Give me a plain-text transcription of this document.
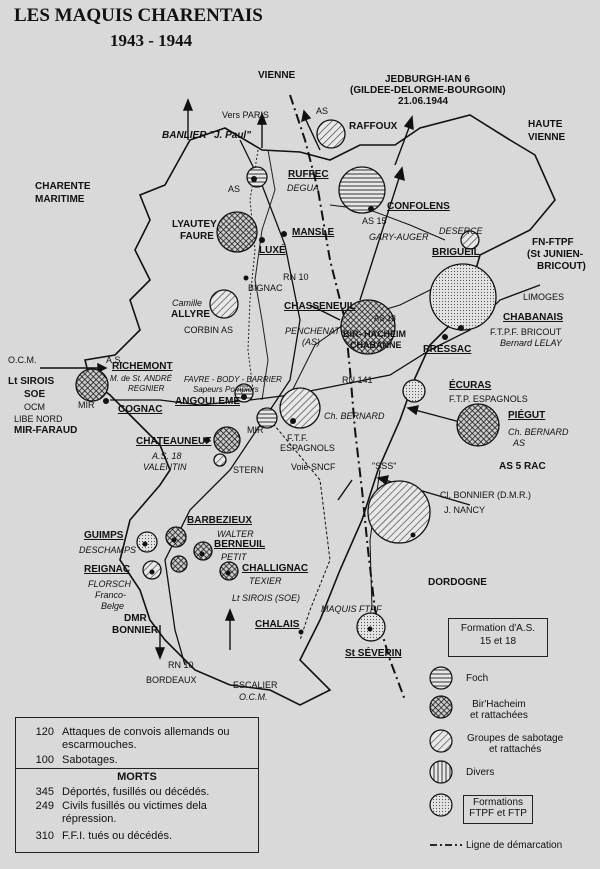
LES MAQUIS CHARENTAIS
1943 - 1944
VIENNE
HAUTE
VIENNE
CHARENTE
MARITIME
DORDOGNE
JEDBURGH-IAN 6
(GILDEE-DELORME-BOURGOIN)
21.06.1944
Vers PARIS
BANLIER "J. Paul"
AS
RAFFOUX
RUFFEC
DEGUA
AS
CONFOLENS
AS 15
GARY-AUGER
LYAUTEY
FAURE	MANSLE
LUXÉ
DESERCE
BRIGUEIL
FN-FTPF
(St JUNIEN-
BRICOUT)
RN 10
BIGNAC
Camille
ALLYRE
CORBIN AS
CHASSENEUIL
PENCHENAT
(AS)
AS 18
BIR- HACHEIM
CHABANNE
LIMOGES
CHABANAIS
F.T.P.F. BRICOUT
Bernard LELAY
PRESSAC
O.C.M.	A.S.
RICHEMONT
M. de St. ANDRÉ
REGNIER
Lt SIROIS
SOE
OCM	MIR
LIBE NORD
MIR-FARAUD
FAVRE - BODY - BARRIER
Sapeurs Pompiers
ANGOULEME
COGNAC
RN 141
Ch. BERNARD
ÉCURAS
F.T.P. ESPAGNOLS
MIR
F.T.F.
ESPAGNOLS
PIÉGUT
Ch. BERNARD
AS
CHATEAUNEUF
A.S. 18
VALENTIN	STERN	Voie SNCF	"SSS"	AS 5 RAC
Cl. BONNIER (D.M.R.)
J. NANCY
BARBEZIEUX
WALTER
BERNEUIL
PETIT
CHALLIGNAC
TEXIER
Lt SIROIS (SOE)
GUIMPS
DESCHAMPS
REIGNAC
FLORSCH
Franco-
Belge
DMR
BONNIER
MAQUIS FTPF
CHALAIS
St SÉVERIN
RN 10
BORDEAUX	ESCALIER
O.C.M.
120 Attaques de convois allemands ou
escarmouches.
100 Sabotages.
MORTS
345 Déportés, fusillés ou décédés.
249 Civils fusillés ou victimes dela
répression.
310 F.F.I. tués ou décédés.
Formation d'A.S.
15 et 18
Foch
Bir'Hacheim
et rattachées
Groupes de sabotage
et rattachés
Divers
Formations
FTPF et FTP
Ligne de démarcation
